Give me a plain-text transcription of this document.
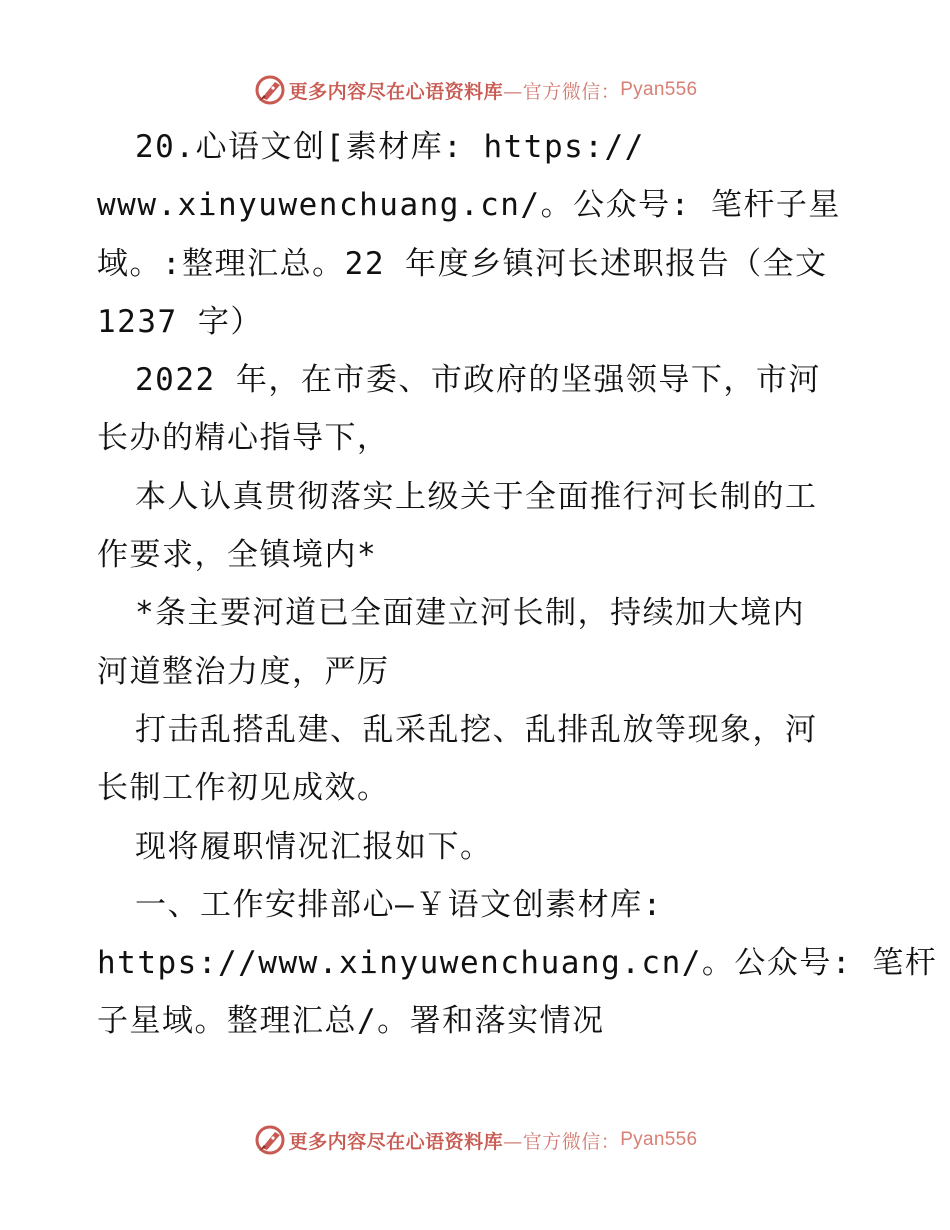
更多内容尽在心语资料库 —官方微信： Pyan556
20.心语文创[素材库: https://
www.xinyuwenchuang.cn/。公众号: 笔杆子星
域。:整理汇总。22 年度乡镇河长述职报告（全文
1237 字）
2022 年，在市委、市政府的坚强领导下，市河
长办的精心指导下，
本人认真贯彻落实上级关于全面推行河长制的工
作要求，全镇境内*
*条主要河道已全面建立河长制，持续加大境内
河道整治力度，严厉
打击乱搭乱建、乱采乱挖、乱排乱放等现象，河
长制工作初见成效。
现将履职情况汇报如下。
一、工作安排部心—￥语文创素材库:
https://www.xinyuwenchuang.cn/。公众号: 笔杆
子星域。整理汇总/。署和落实情况
更多内容尽在心语资料库 —官方微信： Pyan556
